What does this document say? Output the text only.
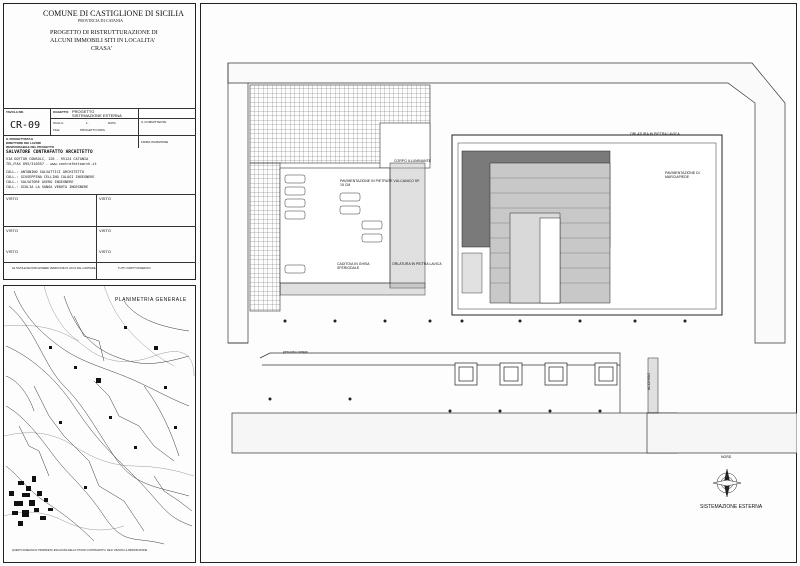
COMUNE DI CASTIGLIONE DI SICILIA
PROVINCIA DI CATANIA
PROGETTO DI RISTRUTTURAZIONE DI
ALCUNI IMMOBILI SITI IN LOCALITA'
CRASA'
TAVOLA NR.
CR-09
OGGETTO: PROGETTO
SISTEMAZIONE ESTERNA
SCALA:	1:	DATA:
FILE:	PROGETTO.DWG
IL COMMITTENTE
FIRMA ISCRIZIONE
IL PROGETTISTA E
DIRETTORE DEI LAVORI
RESPONSABILE DEL PROGETTO
SALVATORE CONTRAFATTO ARCHITETTO
VIA DOTTOR CONSOLI, 126 - 95124 CATANIA
TEL/FAX 095/310557 - www.contrafattoarch.it
COLL.: ANTONINO SALVATTICI ARCHITETTO
COLL.: GIUSEPPINA CELLINO CALOGI INGEGNERE
COLL.: SALVATORE ASERO INGEGNERE
COLL.: GIULIA LA SANGA VENUTA INGEGNERE
VISTO	VISTO
VISTO	VISTO
VISTO	VISTO
LE TAVOLE DEVONO ESSERE VERIFICATE IN LOCO DAL CANTIERE	TUTTI I DIRITTI RISERVATI
PLANIMETRIA GENERALE
QUESTO DISEGNO E' PROPRIETA' ESCLUSIVA DELLO STUDIO CONTRAFATTO. NE E' VIETATA LA RIPRODUZIONE
CORPO ILLUMINANTE
PAVIMENTAZIONE IN PIETRATE VULCANICO SP. 15 CM
ORLATURA IN PIETRA LAVICA
PAVIMENTAZIONE DI MARCIAPIEDE
CADITOIA IN GHISA SFERIODALE
ORLATURA IN PIETRA LAVICA
percorso rampa
ACCESSO
NORD
SISTEMAZIONE ESTERNA
